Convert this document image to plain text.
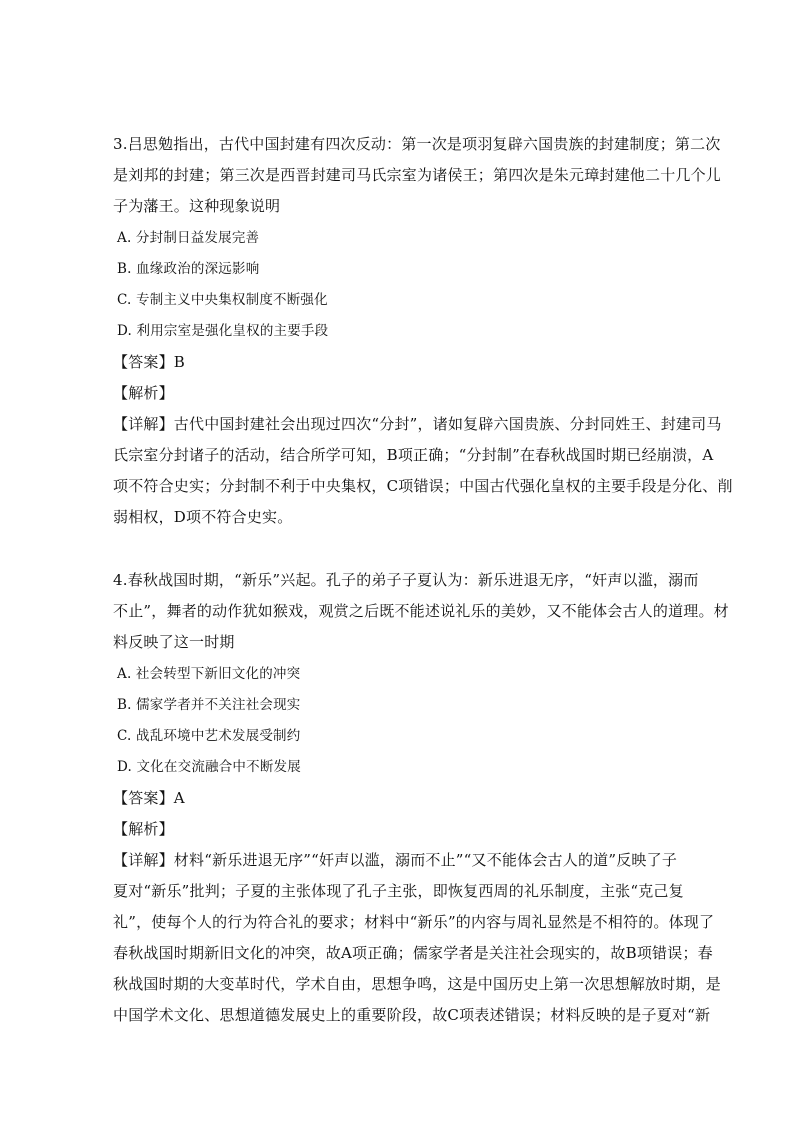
3.吕思勉指出，古代中国封建有四次反动：第一次是项羽复辟六国贵族的封建制度；第二次
是刘邦的封建；第三次是西晋封建司马氏宗室为诸侯王；第四次是朱元璋封建他二十几个儿
子为藩王。这种现象说明
A. 分封制日益发展完善
B. 血缘政治的深远影响
C. 专制主义中央集权制度不断强化
D. 利用宗室是强化皇权的主要手段
【答案】B
【解析】
【详解】古代中国封建社会出现过四次“分封”，诸如复辟六国贵族、分封同姓王、封建司马
氏宗室分封诸子的活动，结合所学可知，B项正确；“分封制”在春秋战国时期已经崩溃，A
项不符合史实；分封制不利于中央集权，C项错误；中国古代强化皇权的主要手段是分化、削
弱相权，D项不符合史实。
4.春秋战国时期，“新乐”兴起。孔子的弟子子夏认为：新乐进退无序，“奸声以滥，溺而
不止”，舞者的动作犹如猴戏，观赏之后既不能述说礼乐的美妙，又不能体会古人的道理。材
料反映了这一时期
A. 社会转型下新旧文化的冲突
B. 儒家学者并不关注社会现实
C. 战乱环境中艺术发展受制约
D. 文化在交流融合中不断发展
【答案】A
【解析】
【详解】材料“新乐进退无序”“奸声以滥，溺而不止”“又不能体会古人的道”反映了子
夏对“新乐”批判；子夏的主张体现了孔子主张，即恢复西周的礼乐制度，主张“克己复
礼”，使每个人的行为符合礼的要求；材料中“新乐”的内容与周礼显然是不相符的。体现了
春秋战国时期新旧文化的冲突，故A项正确；儒家学者是关注社会现实的，故B项错误；春
秋战国时期的大变革时代，学术自由，思想争鸣，这是中国历史上第一次思想解放时期，是
中国学术文化、思想道德发展史上的重要阶段，故C项表述错误；材料反映的是子夏对“新
